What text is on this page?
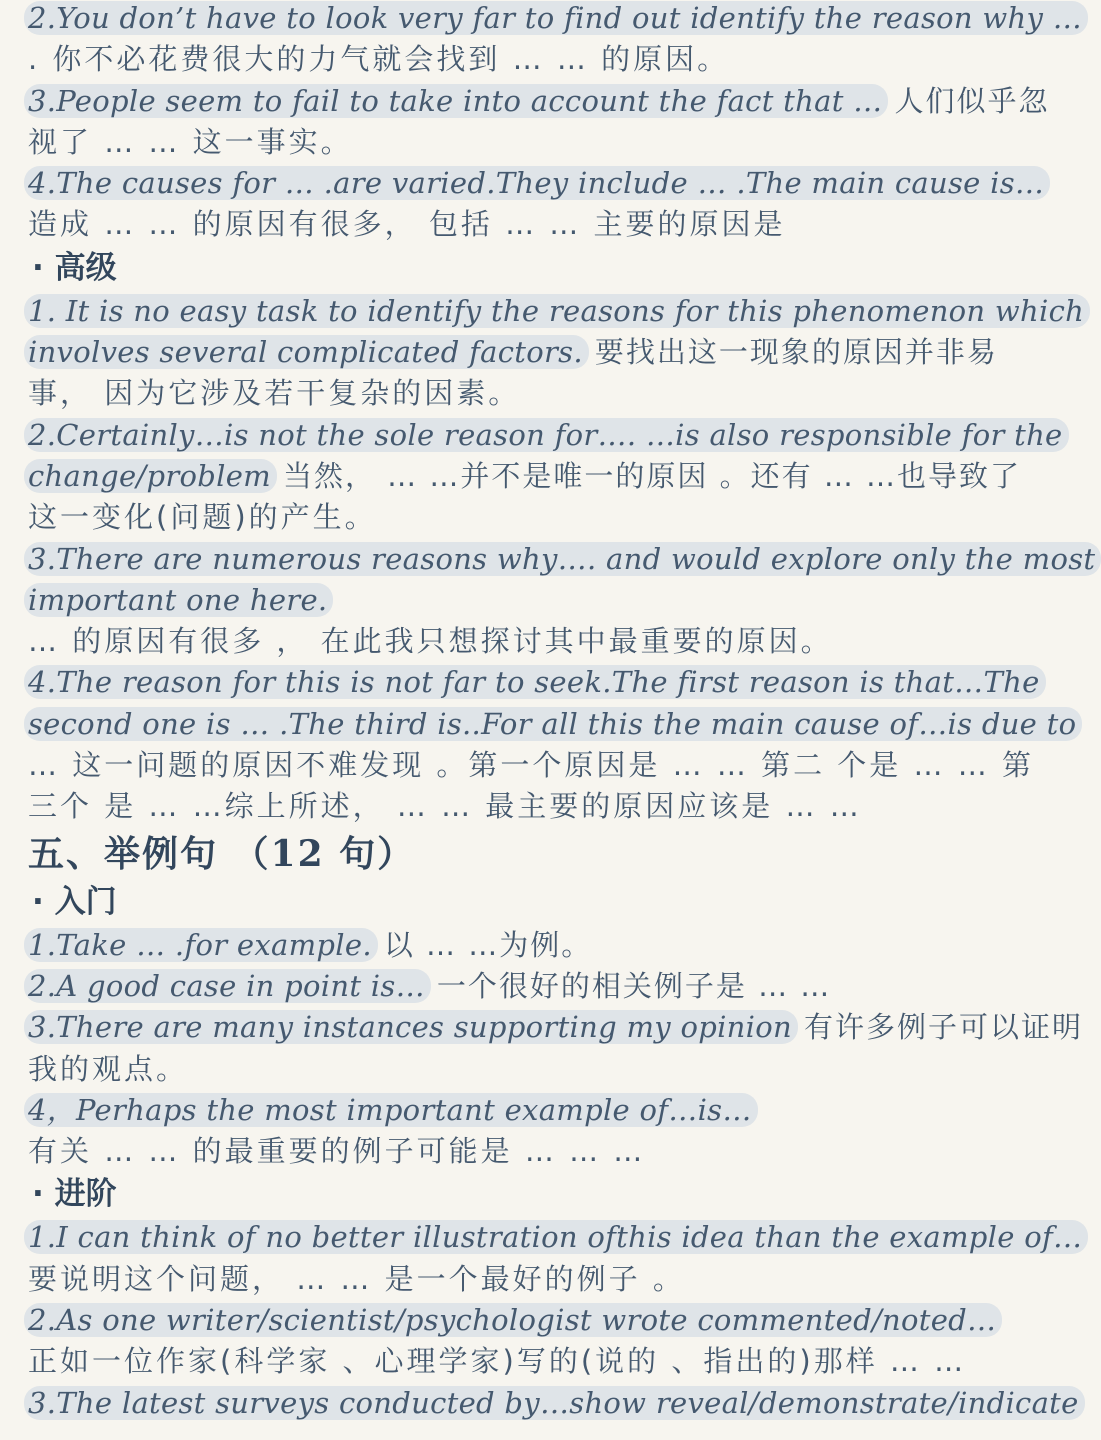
2.You don’t have to look very far to find out identify the reason why …
. 你不必花费很大的力气就会找到 … … 的原因。
3.People seem to fail to take into account the fact that … 人们似乎忽
视了 … … 这一事实。
4.The causes for … .are varied.They include … .The main cause is…
造成 … … 的原因有很多， 包括 … … 主要的原因是
· 高级
1. It is no easy task to identify the reasons for this phenomenon which
involves several complicated factors. 要找出这一现象的原因并非易
事， 因为它涉及若干复杂的因素。
2.Certainly…is not the sole reason for…. …is also responsible for the
change/problem 当然， … …并不是唯一的原因 。还有 … …也导致了
这一变化(问题)的产生。
3.There are numerous reasons why…. and would explore only the most
important one here.
… 的原因有很多 ， 在此我只想探讨其中最重要的原因。
4.The reason for this is not far to seek.The first reason is that…The
second one is … .The third is..For all this the main cause of…is due to
… 这一问题的原因不难发现 。第一个原因是 … … 第二 个是 … … 第
三个 是 … …综上所述， … … 最主要的原因应该是 … …
五、举例句 （12 句）
· 入门
1.Take … .for example. 以 … …为例。
2.A good case in point is… 一个很好的相关例子是 … …
3.There are many instances supporting my opinion 有许多例子可以证明
我的观点。
4，Perhaps the most important example of…is…
有关 … … 的最重要的例子可能是 … … …
· 进阶
1.I can think of no better illustration ofthis idea than the example of…
要说明这个问题， … … 是一个最好的例子 。
2.As one writer/scientist/psychologist wrote commented/noted…
正如一位作家(科学家 、心理学家)写的(说的 、指出的)那样 … …
3.The latest surveys conducted by…show reveal/demonstrate/indicate
